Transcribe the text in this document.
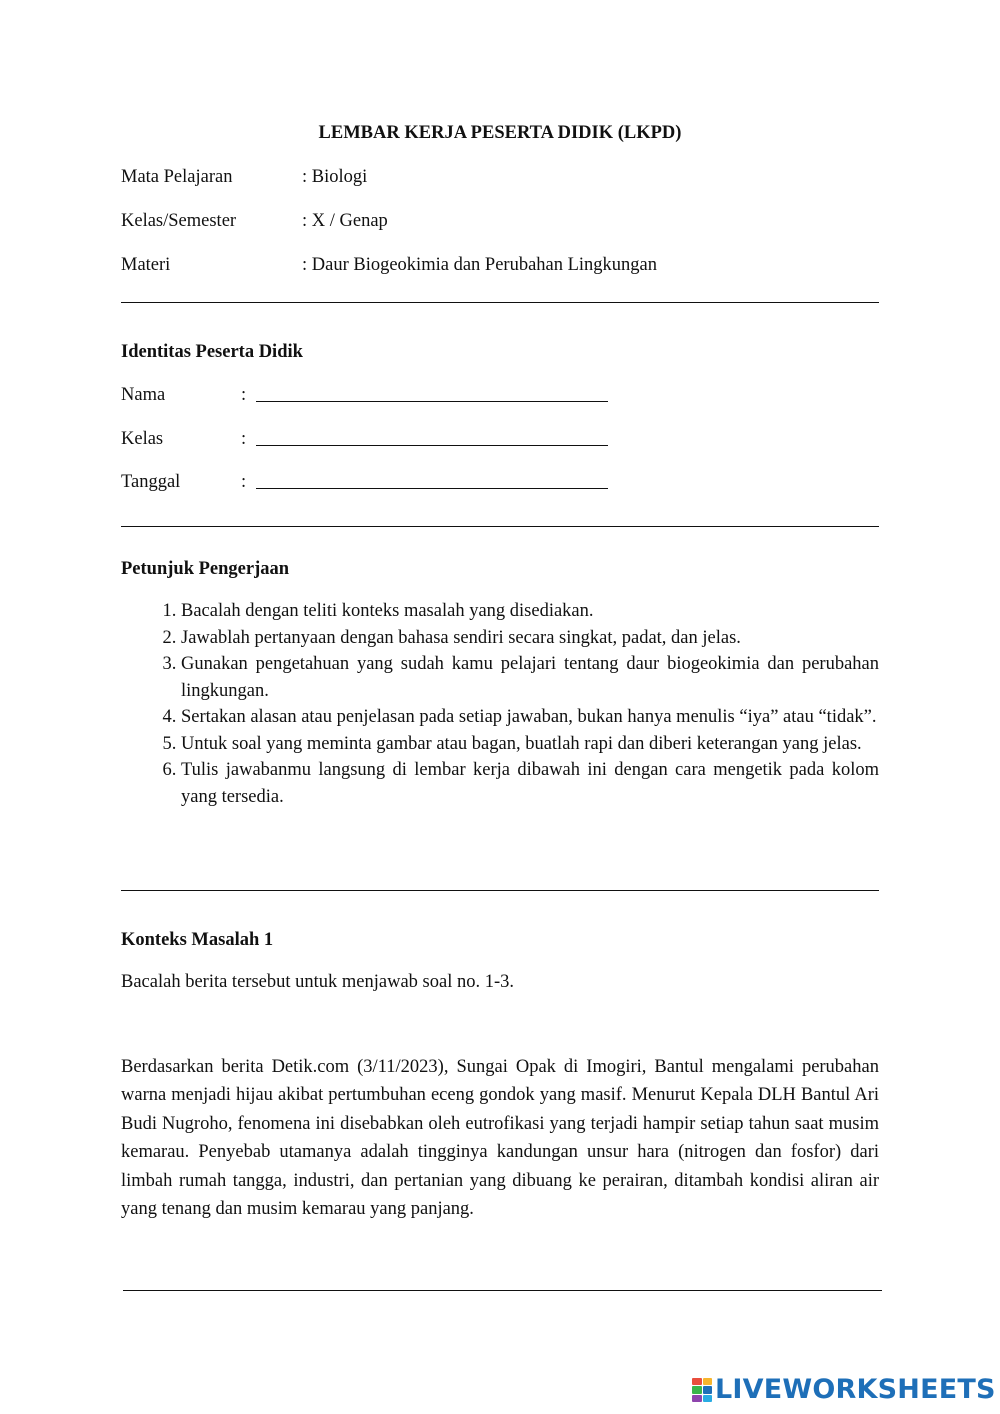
LEMBAR KERJA PESERTA DIDIK (LKPD)
Mata Pelajaran	: Biologi
Kelas/Semester	: X / Genap
Materi	: Daur Biogeokimia dan Perubahan Lingkungan
Identitas Peserta Didik
Nama	:
Kelas	:
Tanggal	:
Petunjuk Pengerjaan
1. Bacalah dengan teliti konteks masalah yang disediakan.
2. Jawablah pertanyaan dengan bahasa sendiri secara singkat, padat, dan jelas.
3. Gunakan pengetahuan yang sudah kamu pelajari tentang daur biogeokimia dan perubahan lingkungan.
4. Sertakan alasan atau penjelasan pada setiap jawaban, bukan hanya menulis “iya” atau “tidak”.
5. Untuk soal yang meminta gambar atau bagan, buatlah rapi dan diberi keterangan yang jelas.
6. Tulis jawabanmu langsung di lembar kerja dibawah ini dengan cara mengetik pada kolom yang tersedia.
Konteks Masalah 1
Bacalah berita tersebut untuk menjawab soal no. 1-3.
Berdasarkan berita Detik.com (3/11/2023), Sungai Opak di Imogiri, Bantul mengalami perubahan warna menjadi hijau akibat pertumbuhan eceng gondok yang masif. Menurut Kepala DLH Bantul Ari Budi Nugroho, fenomena ini disebabkan oleh eutrofikasi yang terjadi hampir setiap tahun saat musim kemarau. Penyebab utamanya adalah tingginya kandungan unsur hara (nitrogen dan fosfor) dari limbah rumah tangga, industri, dan pertanian yang dibuang ke perairan, ditambah kondisi aliran air yang tenang dan musim kemarau yang panjang.
LIVEWORKSHEETS
